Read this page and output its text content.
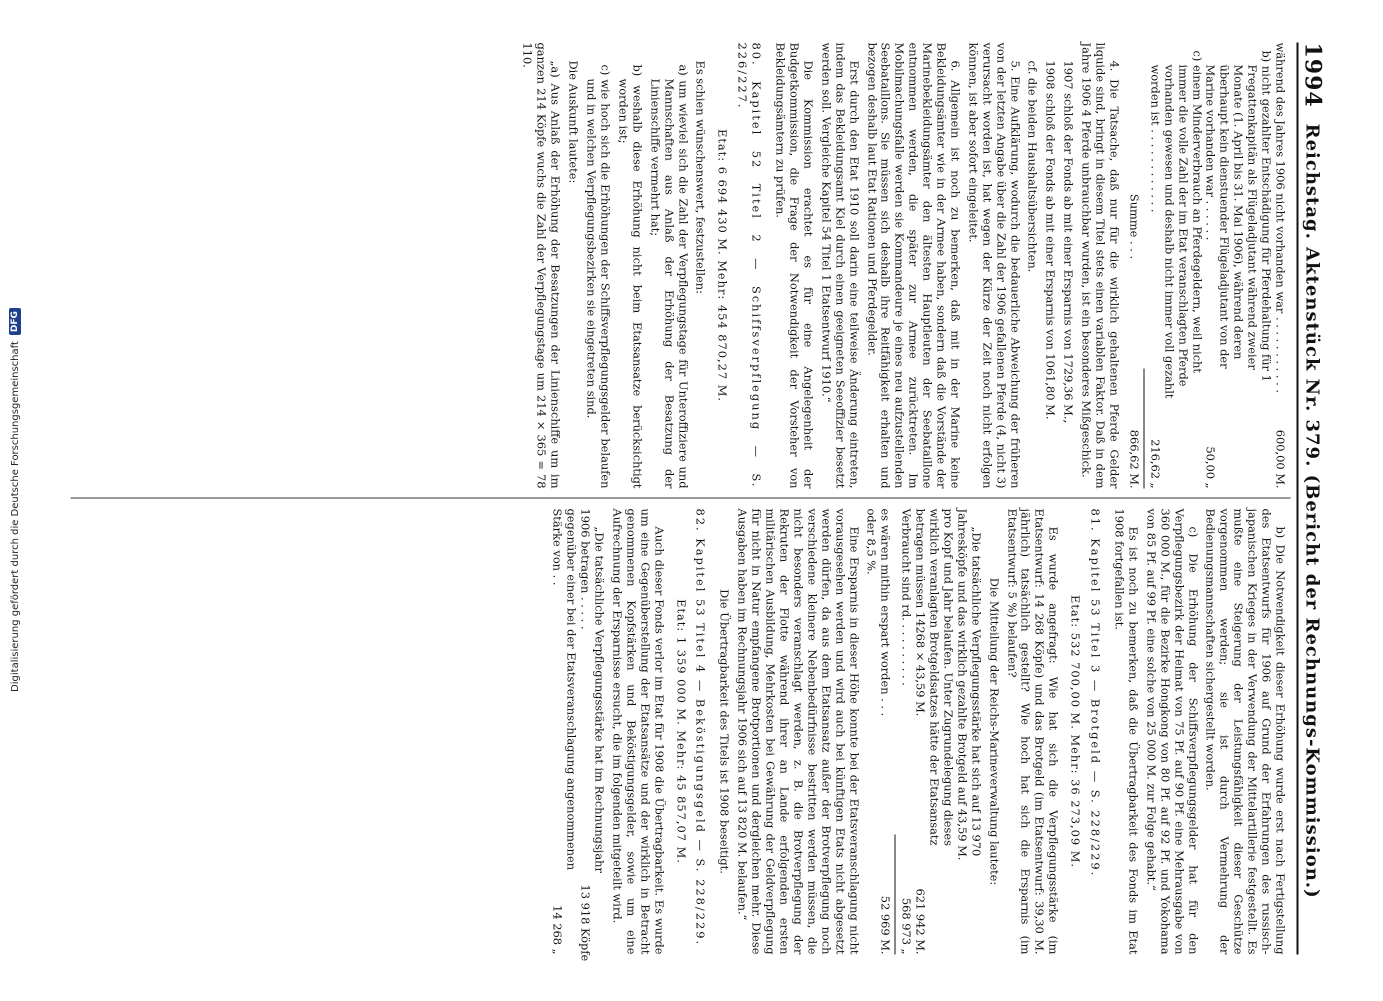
Digitalisierung gefördert durch die Deutsche Forschungsgemeinschaft
DFG
1994
Reichstag. Aktenstück Nr. 379. (Bericht der Rechnungs-Kommission.)
während des Jahres 1906 nicht vorhanden war . . . . . . . . . . .
600,00 M.
b) nicht gezahlter Entschädigung für Pferdehaltung für 1 Fregattenkapitän als Flügeladjutant während zweier Monate (1. April bis 31. Mai 1906), während deren überhaupt kein dienstuender Flügeladjutant von der Marine vorhanden war . . . . . .
50,00 „
c) einem Minderverbrauch an Pferdegeldern, weil nicht immer die volle Zahl der im Etat veranschlagten Pferde vorhanden gewesen und deshalb nicht immer voll gezahlt worden ist . . . . . . . . . . . .
216,62 „
Summe . . .
866,62 M.

4. Die Tatsache, daß nur für die wirklich gehaltenen Pferde Gelder liquide sind, bringt in diesem Titel stets einen variablen Faktor. Daß in dem Jahre 1906 4 Pferde unbrauchbar wurden, ist ein besonderes Mißgeschick.

1907 schloß der Fonds ab mit einer Ersparnis von 1729,36 M.,

1908 schloß der Fonds ab mit einer Ersparnis von 1061,80 M.

cf. die beiden Haushaltsübersichten.

5. Eine Aufklärung, wodurch die bedauerliche Abweichung der früheren von der letzten Angabe über die Zahl der 1906 gefallenen Pferde (4, nicht 3) verursacht worden ist, hat wegen der Kürze der Zeit noch nicht erfolgen können, ist aber sofort eingeleitet.

6. Allgemein ist noch zu bemerken, daß mit in der Marine keine Bekleidungsämter wie in der Armee haben, sondern daß die Vorstände der Marinebekleidungsämter den ältesten Hauptleuten der Seebataillone entnommen werden, die später zur Armee zurücktreten. Im Mobilmachungsfalle werden sie Kommandeure je eines neu aufzustellenden Seebataillons. Sie müssen sich deshalb ihre Reitfähigkeit erhalten und bezogen deshalb laut Etat Rationen und Pferdegelder.

Erst durch den Etat 1910 soll darin eine teilweise Änderung eintreten, indem das Bekleidungsamt Kiel durch einen geeigneten Seeoffizier besetzt werden soll. Vergleiche Kapitel 54 Titel 1 Etatsentwurf 1910.“

Die Kommission erachtet es für eine Angelegenheit der Budgetkommission, die Frage der Notwendigkeit der Vorsteher von Bekleidungsämtern zu prüfen.

80. Kapitel 52 Titel 2 — Schiffsverpflegung — S. 226/227.

Etat: 6 694 430 M. Mehr: 454 870,27 M.

Es schien wünschenswert, festzustellen:

a) um wieviel sich die Zahl der Verpflegungstage für Unteroffiziere und Mannschaften aus Anlaß der Erhöhung der Besatzung der Linienschiffe vermehrt hat;

b) weshalb diese Erhöhung nicht beim Etatsansatze berücksichtigt worden ist;

c) wie hoch sich die Erhöhungen der Schiffsverpflegungsgelder belaufen und in welchen Verpflegungsbezirken sie eingetreten sind.

Die Auskunft lautete:

„a) Aus Anlaß der Erhöhung der Besatzungen der Linienschiffe um im ganzen 214 Köpfe wuchs die Zahl der Verpflegungstage um 214 × 365 = 78 110.

b) Die Notwendigkeit dieser Erhöhung wurde erst nach Fertigstellung des Etatsentwurfs für 1906 auf Grund der Erfahrungen des russisch-japanischen Krieges in der Verwendung der Mittelartillerie festgestellt. Es mußte eine Steigerung der Leistungsfähigkeit dieser Geschütze vorgenommen werden; sie ist durch Vermehrung der Bedienungsmannschaften sichergestellt worden.

c) Die Erhöhung der Schiffsverpflegungsgelder hat für den Verpflegungsbezirk der Heimat von 75 Pf. auf 90 Pf. eine Mehrausgabe von 360 000 M., für die Bezirke Hongkong von 80 Pf. auf 92 Pf. und Yokohama von 85 Pf. auf 99 Pf. eine solche von 25 000 M. zur Folge gehabt.“

Es ist noch zu bemerken, daß die Übertragbarkeit des Fonds im Etat 1908 fortgefallen ist.

81. Kapitel 53 Titel 3 — Brotgeld — S. 228/229.

Etat: 532 700,00 M. Mehr: 36 273,09 M.

Es wurde angefragt: Wie hat sich die Verpflegungsstärke (im Etatsentwurf: 14 268 Köpfe) und das Brotgeld (im Etatsentwurf: 39,30 M. jährlich) tatsächlich gestellt? Wie hoch hat sich die Ersparnis (im Etatsentwurf: 5 %) belaufen?

Die Mitteilung der Reichs-Marineverwaltung lautete:

„Die tatsächliche Verpflegungsstärke hat sich auf 13 970 Jahresköpfe und das wirklich gezahlte Brotgeld auf 43,59 M. pro Kopf und Jahr belaufen. Unter Zugrundelegung dieses wirklich veranlagten Brotgeldsatzes hätte der Etatsansatz betragen müssen 14268 × 43,59 M.
621 942 M.
Verbraucht sind rd. . . . . . . . . .
568 973 „
es wären mithin erspart worden . . .
52 969 M.

oder 8,5 %.

Eine Ersparnis in dieser Höhe konnte bei der Etatsveranschlagung nicht vorausgesehen werden und wird auch bei künftigen Etats nicht abgesetzt werden dürfen, da aus dem Etatsansatz außer der Brotverpflegung noch verschiedene kleinere Nebenbedürfnisse bestritten werden müssen, die nicht besonders veranschlagt werden, z. B. die Brotverpflegung der Rekruten der Flotte während ihrer an Lande erfolgenden ersten militärischen Ausbildung, Mehrkosten bei Gewährung der Geldverpflegung für nicht in Natur empfangene Brotportionen und dergleichen mehr. Diese Ausgaben haben im Rechnungsjahr 1906 sich auf 13 820 M. belaufen.“

Die Übertragbarkeit des Titels ist 1908 beseitigt.

82. Kapitel 53 Titel 4 — Beköstigungsgeld — S. 228/229.

Etat: 1 359 000 M. Mehr: 45 857,07 M.

Auch dieser Fonds verlor im Etat für 1908 die Übertragbarkeit. Es wurde um eine Gegenüberstellung der Etatsansätze und der wirklich in Betracht genommenen Kopfstärken und Beköstigungsgelder, sowie um eine Aufrechnung der Ersparnisse ersucht, die im folgenden mitgeteilt wird.

„Die tatsächliche Verpflegungsstärke hat im Rechnungsjahr 1906 betragen . . . . .
13 918 Köpfe
gegenüber einer bei der Etatsveranschlagung angenommenen Stärke von . .
14 268 „
